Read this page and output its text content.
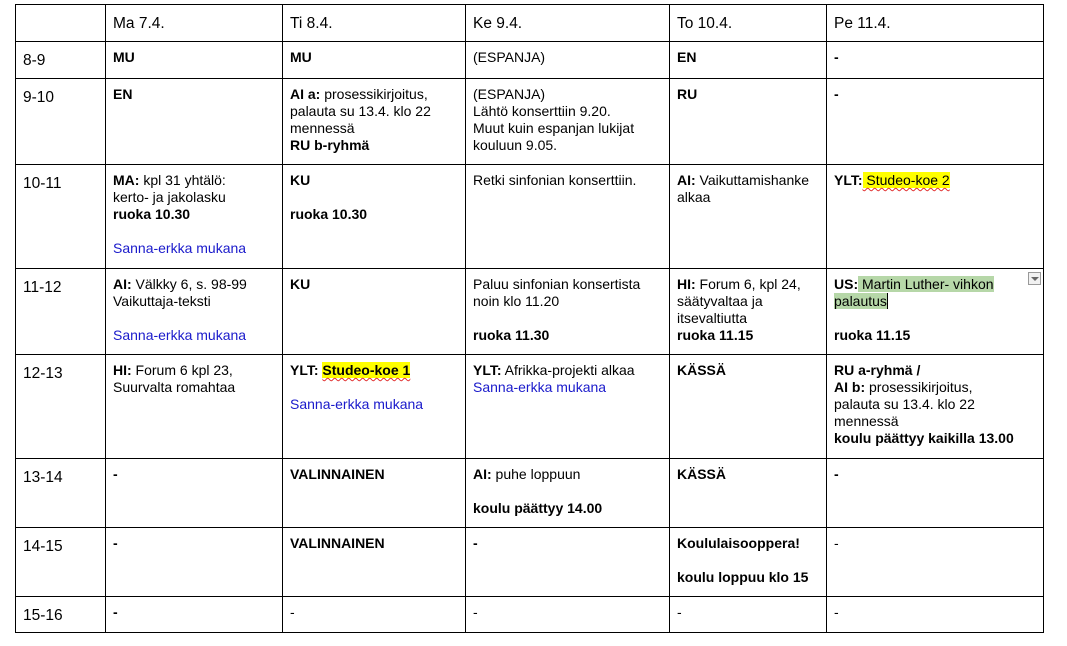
	Ma 7.4.	Ti 8.4.	Ke 9.4.	To 10.4.	Pe 11.4.
8-9	MU	MU	(ESPANJA)	EN	-
9-10	EN	AI a: prosessikirjoitus,
palauta su 13.4. klo 22
mennessä
RU b-ryhmä	(ESPANJA)
Lähtö konserttiin 9.20.
Muut kuin espanjan lukijat
kouluun 9.05.	RU	-
10-11	MA: kpl 31 yhtälö:
kerto- ja jakolasku
ruoka 10.30
Sanna-erkka mukana	KU
ruoka 10.30	Retki sinfonian konserttiin.	AI: Vaikuttamishanke
alkaa	YLT: Studeo-koe 2

11-12	AI: Välkky 6, s. 98-99
Vaikuttaja-teksti
Sanna-erkka mukana	KU	Paluu sinfonian konsertista
noin klo 11.20
ruoka 11.30	HI: Forum 6, kpl 24,
säätyvaltaa ja
itsevaltiutta
ruoka 11.15	US: Martin Luther- vihkon
palautus
ruoka 11.15

12-13	HI: Forum 6 kpl 23,
Suurvalta romahtaa	YLT: Studeo-koe 1
Sanna-erkka mukana	YLT: Afrikka-projekti alkaa
Sanna-erkka mukana	KÄSSÄ	RU a-ryhmä /
AI b: prosessikirjoitus,
palauta su 13.4. klo 22
mennessä
koulu päättyy kaikilla 13.00

13-14	-	VALINNAINEN	AI: puhe loppuun
koulu päättyy 14.00	KÄSSÄ	-
14-15	-	VALINNAINEN	-	Koululaisooppera!
koulu loppuu klo 15	-
15-16	-	-	-	-	-
